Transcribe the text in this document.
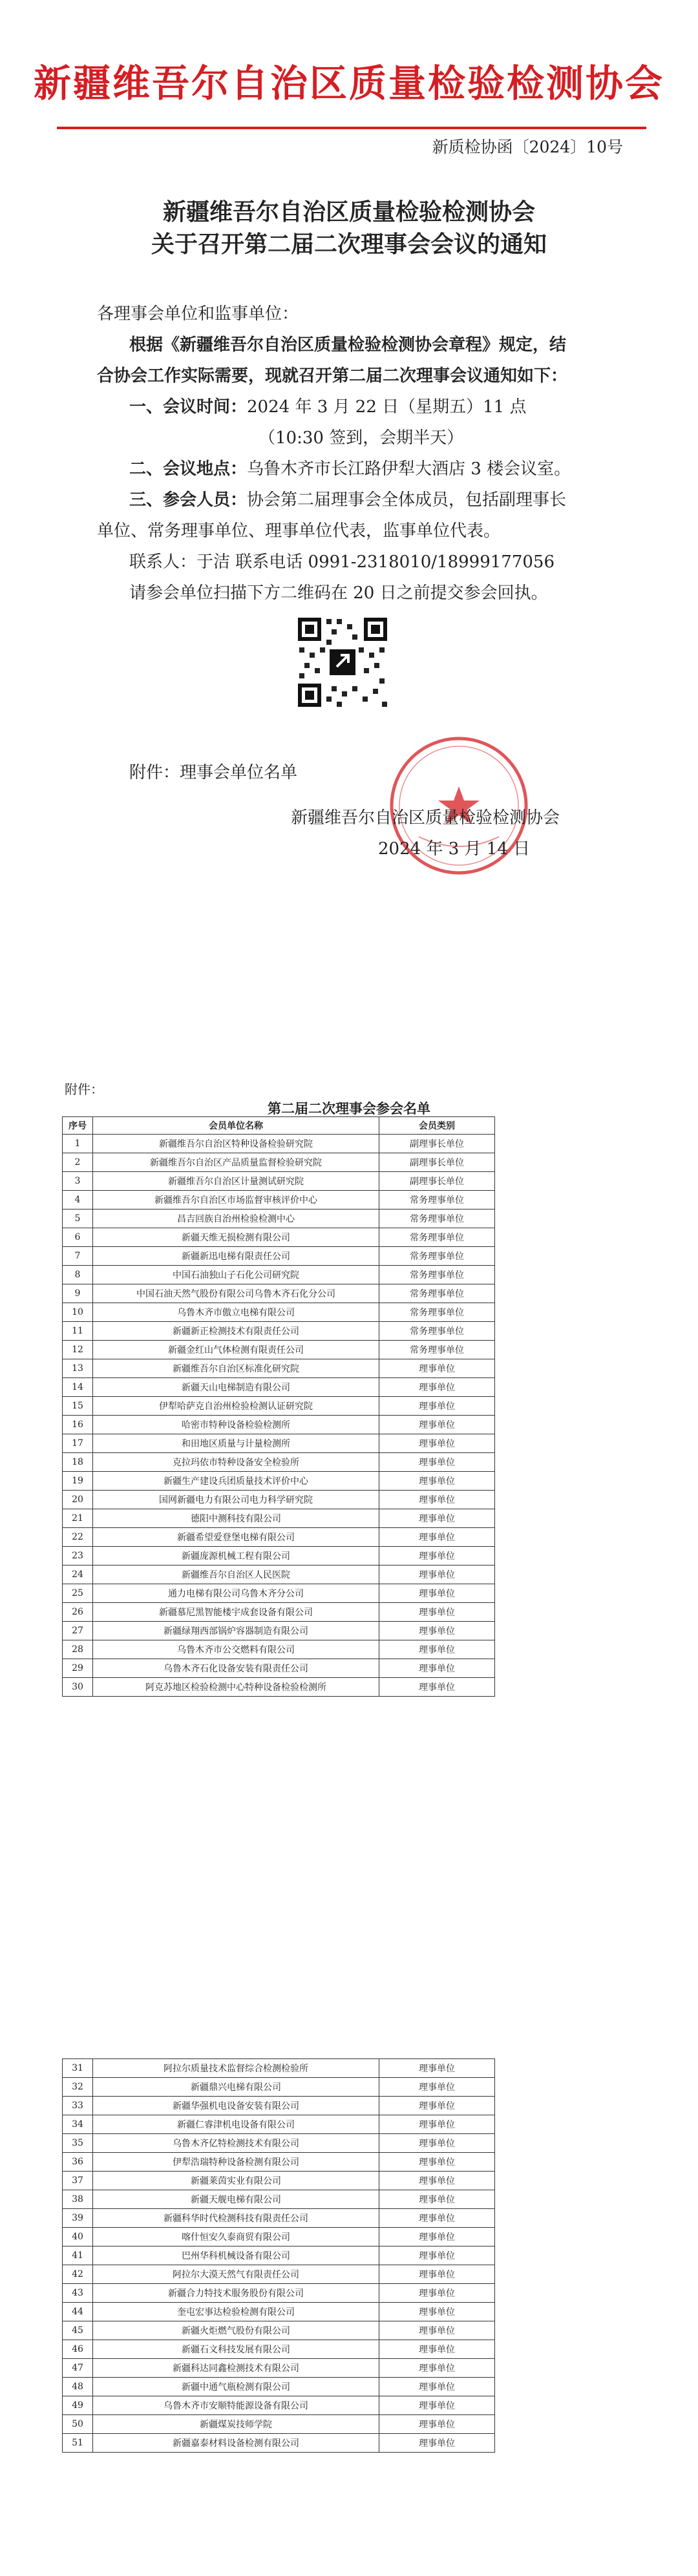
新疆维吾尔自治区质量检验检测协会
新质检协函〔2024〕10号
新疆维吾尔自治区质量检验检测协会
关于召开第二届二次理事会会议的通知
各理事会单位和监事单位：
根据《新疆维吾尔自治区质量检验检测协会章程》规定，结
合协会工作实际需要，现就召开第二届二次理事会议通知如下：
一、会议时间：2024 年 3 月 22 日（星期五）11 点
（10:30 签到，会期半天）
二、会议地点：乌鲁木齐市长江路伊犁大酒店 3 楼会议室。
三、参会人员：协会第二届理事会全体成员，包括副理事长
单位、常务理事单位、理事单位代表，监事单位代表。
联系人：于洁 联系电话 0991-2318010/18999177056
请参会单位扫描下方二维码在 20 日之前提交参会回执。
附件：理事会单位名单
新疆维吾尔自治区质量检验检测协会
2024 年 3 月 14 日
附件：
第二届二次理事会参会名单
序号	会员单位名称	会员类别
1	新疆维吾尔自治区特种设备检验研究院	副理事长单位
2	新疆维吾尔自治区产品质量监督检验研究院	副理事长单位
3	新疆维吾尔自治区计量测试研究院	副理事长单位
4	新疆维吾尔自治区市场监督审核评价中心	常务理事单位
5	昌吉回族自治州检验检测中心	常务理事单位
6	新疆天维无损检测有限公司	常务理事单位
7	新疆新迅电梯有限责任公司	常务理事单位
8	中国石油独山子石化公司研究院	常务理事单位
9	中国石油天然气股份有限公司乌鲁木齐石化分公司	常务理事单位
10	乌鲁木齐市傲立电梯有限公司	常务理事单位
11	新疆新正检测技术有限责任公司	常务理事单位
12	新疆金红山气体检测有限责任公司	常务理事单位
13	新疆维吾尔自治区标准化研究院	理事单位
14	新疆天山电梯制造有限公司	理事单位
15	伊犁哈萨克自治州检验检测认证研究院	理事单位
16	哈密市特种设备检验检测所	理事单位
17	和田地区质量与计量检测所	理事单位
18	克拉玛依市特种设备安全检验所	理事单位
19	新疆生产建设兵团质量技术评价中心	理事单位
20	国网新疆电力有限公司电力科学研究院	理事单位
21	德阳中测科技有限公司	理事单位
22	新疆希望爱登堡电梯有限公司	理事单位
23	新疆庞源机械工程有限公司	理事单位
24	新疆维吾尔自治区人民医院	理事单位
25	通力电梯有限公司乌鲁木齐分公司	理事单位
26	新疆慕尼黑智能楼宇成套设备有限公司	理事单位
27	新疆绿翔西部锅炉容器制造有限公司	理事单位
28	乌鲁木齐市公交燃料有限公司	理事单位
29	乌鲁木齐石化设备安装有限责任公司	理事单位
30	阿克苏地区检验检测中心特种设备检验检测所	理事单位
31	阿拉尔质量技术监督综合检测检验所	理事单位
32	新疆鼎兴电梯有限公司	理事单位
33	新疆华强机电设备安装有限公司	理事单位
34	新疆仁睿津机电设备有限公司	理事单位
35	乌鲁木齐亿特检测技术有限公司	理事单位
36	伊犁浩瑞特种设备检测有限公司	理事单位
37	新疆莱茵实业有限公司	理事单位
38	新疆天舰电梯有限公司	理事单位
39	新疆科华时代检测科技有限责任公司	理事单位
40	喀什恒安久泰商贸有限公司	理事单位
41	巴州华科机械设备有限公司	理事单位
42	阿拉尔大漠天然气有限责任公司	理事单位
43	新疆合力特技术服务股份有限公司	理事单位
44	奎屯宏事达检验检测有限公司	理事单位
45	新疆火炬燃气股份有限公司	理事单位
46	新疆石文科技发展有限公司	理事单位
47	新疆科达同鑫检测技术有限公司	理事单位
48	新疆中通气瓶检测有限公司	理事单位
49	乌鲁木齐市安顺特能源设备有限公司	理事单位
50	新疆煤炭技师学院	理事单位
51	新疆嘉泰材料设备检测有限公司	理事单位
